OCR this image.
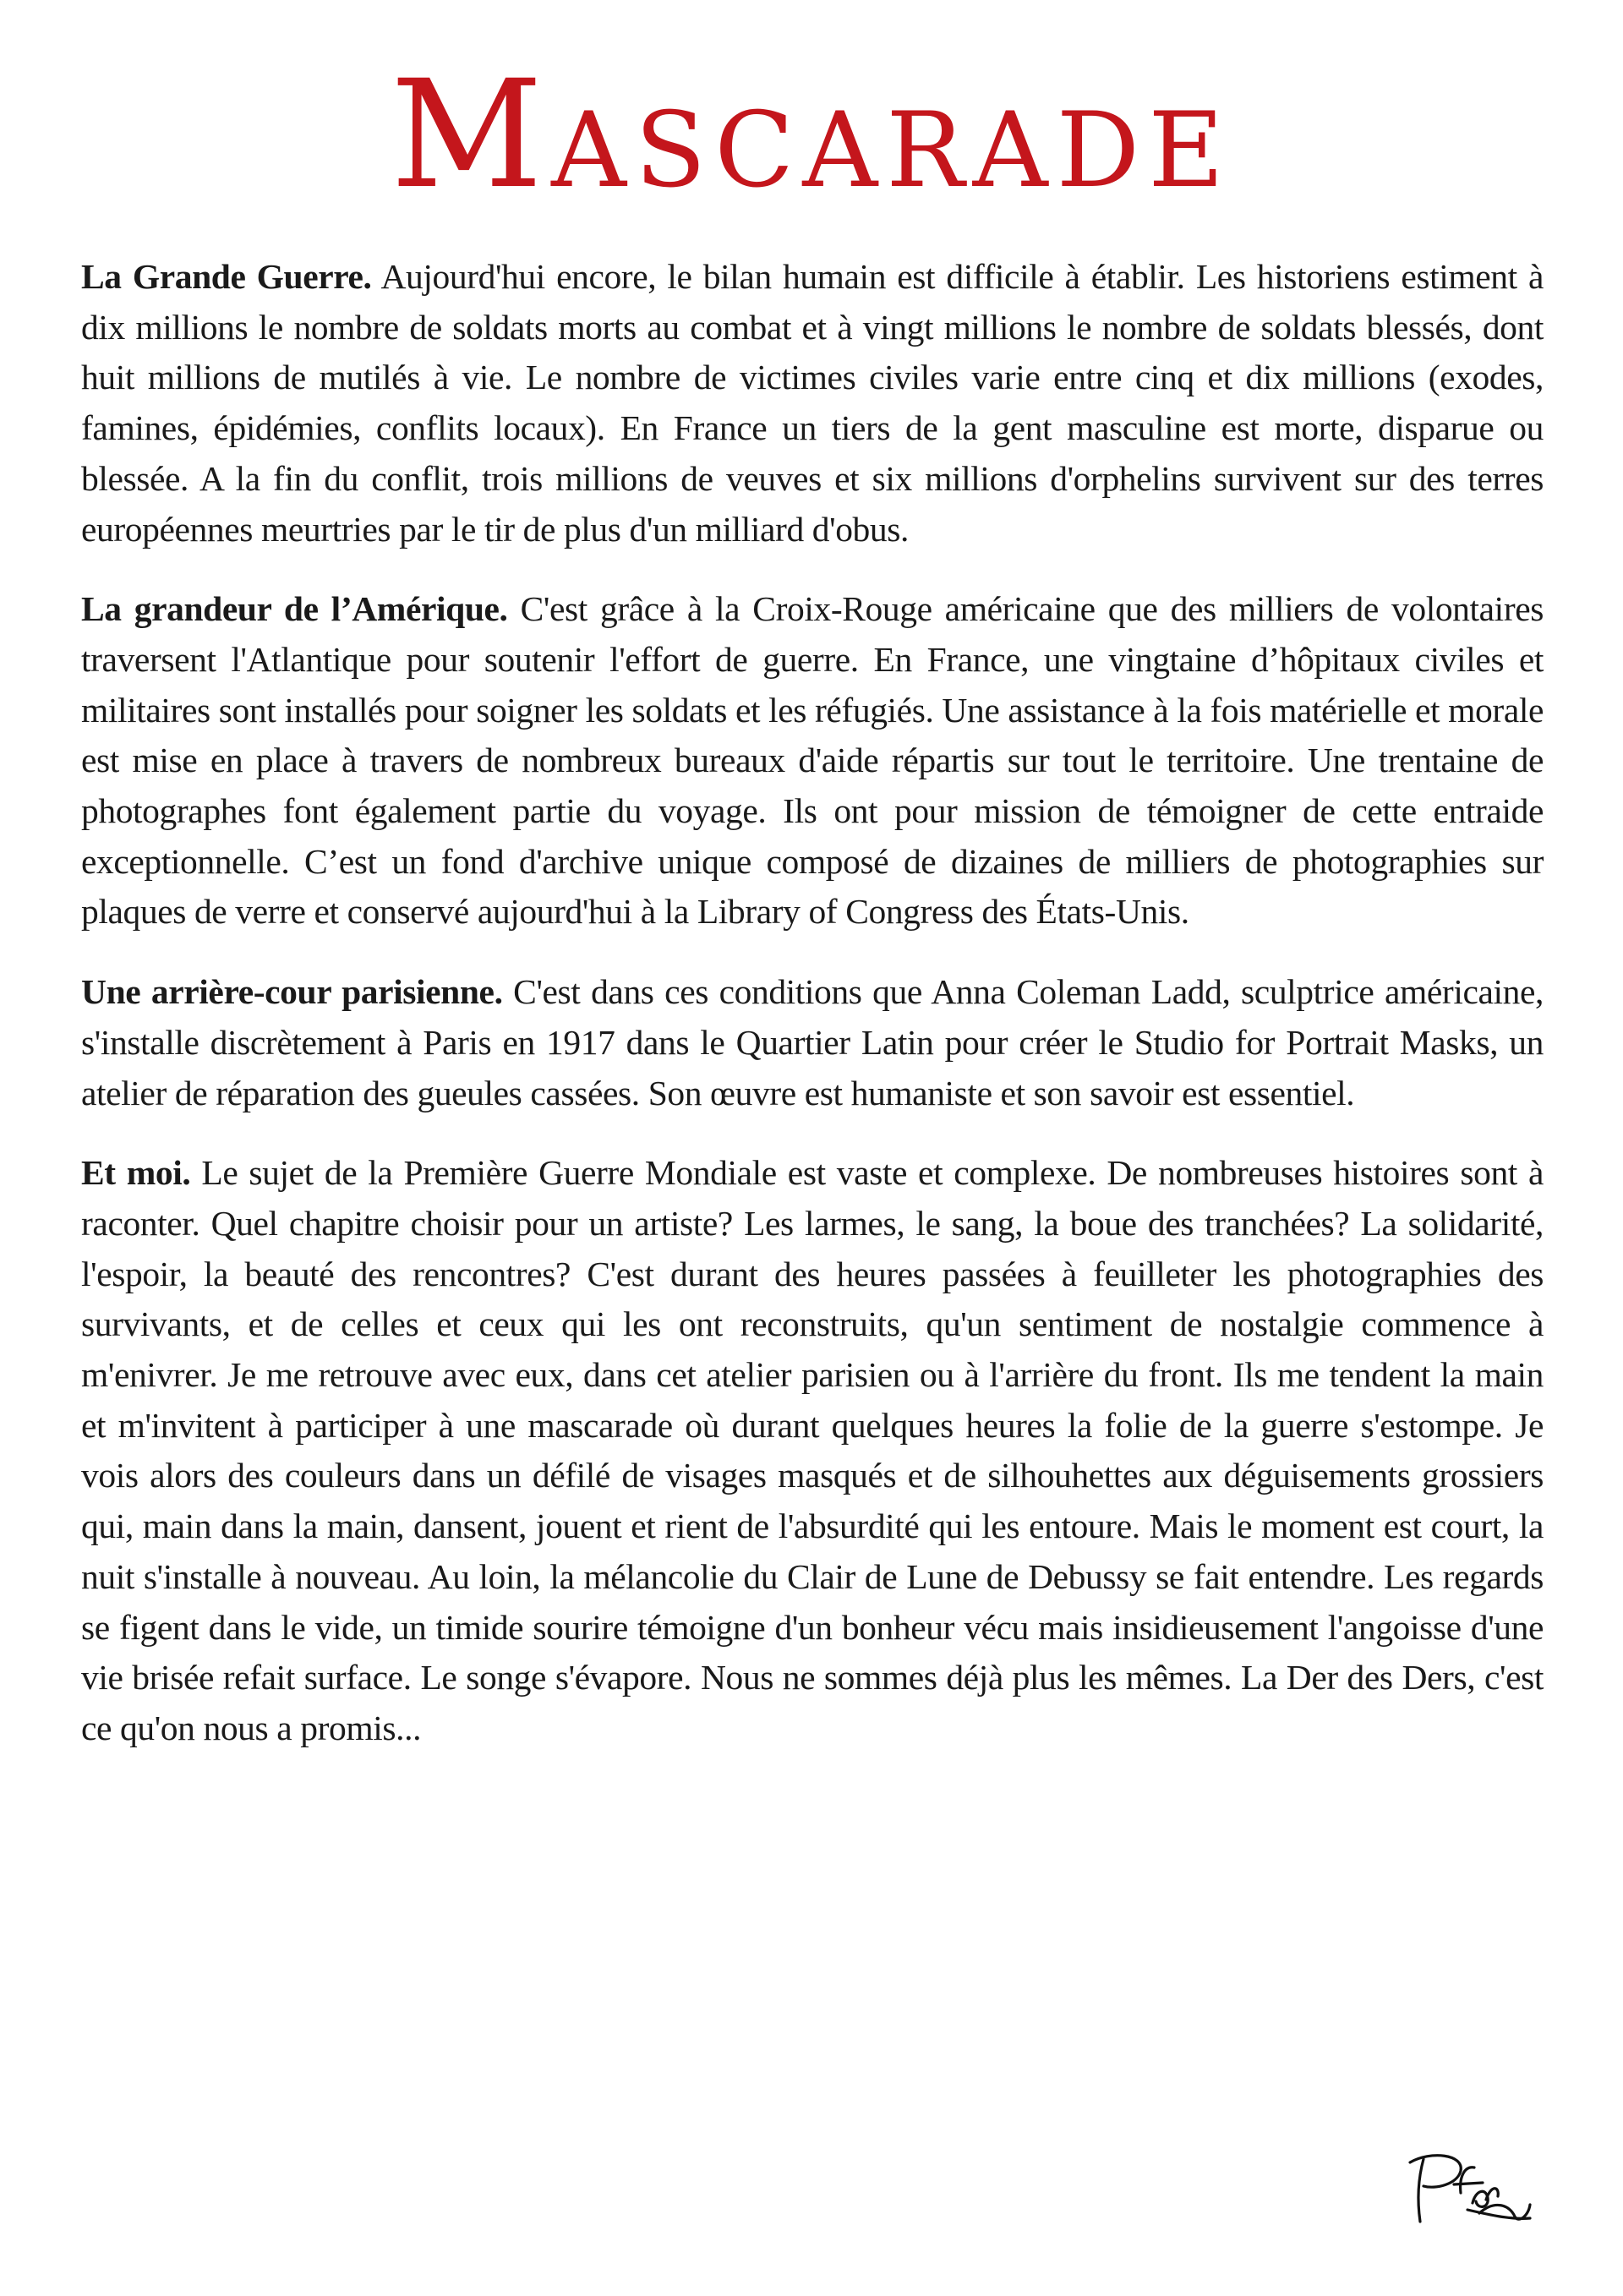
Mascarade

La Grande Guerre. Aujourd'hui encore, le bilan humain est difficile à établir. Les historiens estiment à dix millions le nombre de soldats morts au combat et à vingt millions le nombre de soldats blessés, dont huit millions de mutilés à vie. Le nombre de victimes civiles varie entre cinq et dix millions (exodes, famines, épidémies, conflits locaux). En France un tiers de la gent masculine est morte, disparue ou blessée. A la fin du conflit, trois millions de veuves et six millions d'orphelins survivent sur des terres européennes meurtries par le tir de plus d'un milliard d'obus.

La grandeur de l’Amérique. C'est grâce à la Croix-Rouge américaine que des milliers de volontaires traversent l'Atlantique pour soutenir l'effort de guerre. En France, une vingtaine d’hôpitaux civiles et militaires sont installés pour soigner les soldats et les réfugiés. Une assistance à la fois matérielle et morale est mise en place à travers de nombreux bureaux d'aide répartis sur tout le territoire. Une trentaine de photographes font également partie du voyage. Ils ont pour mission de témoigner de cette entraide exceptionnelle. C’est un fond d'archive unique composé de dizaines de milliers de photographies sur plaques de verre et conservé aujourd'hui à la Library of Congress des États-Unis.

Une arrière-cour parisienne. C'est dans ces conditions que Anna Coleman Ladd, sculptrice américaine, s'installe discrètement à Paris en 1917 dans le Quartier Latin pour créer le Studio for Portrait Masks, un atelier de réparation des gueules cassées. Son œuvre est humaniste et son savoir est essentiel.

Et moi. Le sujet de la Première Guerre Mondiale est vaste et complexe. De nombreuses histoires sont à raconter. Quel chapitre choisir pour un artiste? Les larmes, le sang, la boue des tranchées? La solidarité, l'espoir, la beauté des rencontres? C'est durant des heures passées à feuilleter les photographies des survivants, et de celles et ceux qui les ont reconstruits, qu'un sentiment de nostalgie commence à m'enivrer. Je me retrouve avec eux, dans cet atelier parisien ou à l'arrière du front. Ils me tendent la main et m'invitent à participer à une mascarade où durant quelques heures la folie de la guerre s'estompe. Je vois alors des couleurs dans un défilé de visages masqués et de silhouhettes aux déguisements grossiers qui, main dans la main, dansent, jouent et rient de l'absurdité qui les entoure. Mais le moment est court, la nuit s'installe à nouveau. Au loin, la mélancolie du Clair de Lune de Debussy se fait entendre. Les regards se figent dans le vide, un timide sourire témoigne d'un bonheur vécu mais insidieusement l'angoisse d'une vie brisée refait surface. Le songe s'évapore. Nous ne sommes déjà plus les mêmes. La Der des Ders, c'est ce qu'on nous a promis...
